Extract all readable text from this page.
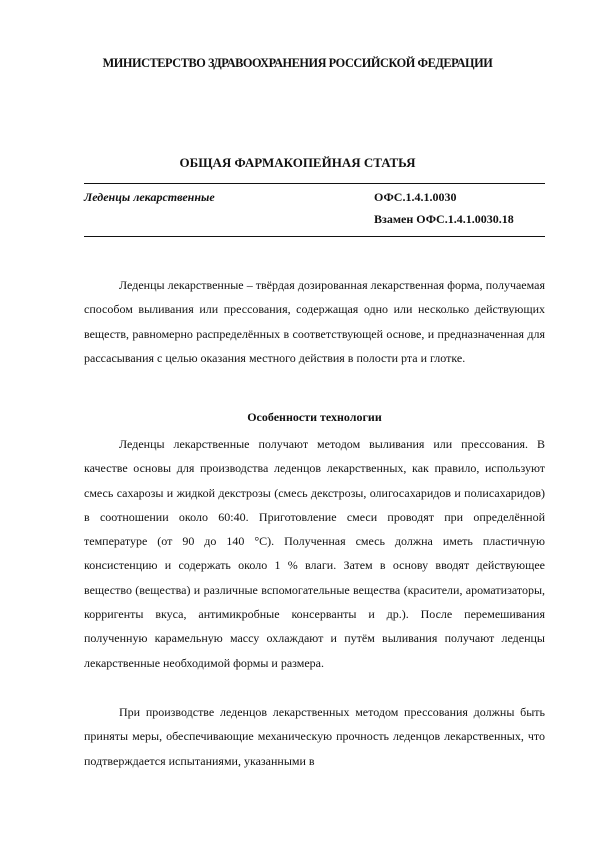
МИНИСТЕРСТВО ЗДРАВООХРАНЕНИЯ РОССИЙСКОЙ ФЕДЕРАЦИИ
ОБЩАЯ ФАРМАКОПЕЙНАЯ СТАТЬЯ
Леденцы лекарственные	ОФС.1.4.1.0030
Взамен ОФС.1.4.1.0030.18

Леденцы лекарственные – твёрдая дозированная лекарственная форма, получаемая способом выливания или прессования, содержащая одно или несколько действующих веществ, равномерно распределённых в соответствующей основе, и предназначенная для рассасывания с целью оказания местного действия в полости рта и глотке.

Особенности технологии

Леденцы лекарственные получают методом выливания или прессования. В качестве основы для производства леденцов лекарственных, как правило, используют смесь сахарозы и жидкой декстрозы (смесь декстрозы, олигосахаридов и полисахаридов) в соотношении около 60:40. Приготовление смеси проводят при определённой температуре (от 90 до 140 °C). Полученная смесь должна иметь пластичную консистенцию и содержать около 1 % влаги. Затем в основу вводят действующее вещество (вещества) и различные вспомогательные вещества (красители, ароматизаторы, корригенты вкуса, антимикробные консерванты и др.). После перемешивания полученную карамельную массу охлаждают и путём выливания получают леденцы лекарственные необходимой формы и размера.

При производстве леденцов лекарственных методом прессования должны быть приняты меры, обеспечивающие механическую прочность леденцов лекарственных, что подтверждается испытаниями, указанными в
